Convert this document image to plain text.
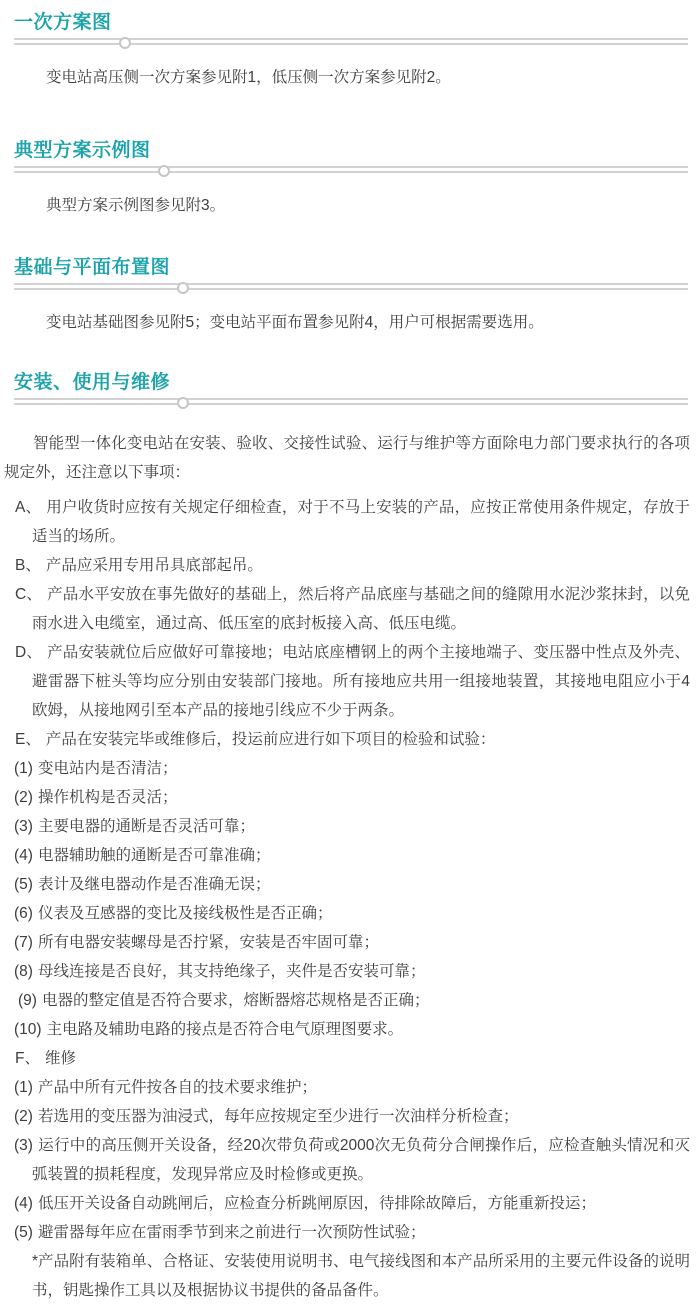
一次方案图

变电站高压侧一次方案参见附1，低压侧一次方案参见附2。

典型方案示例图

典型方案示例图参见附3。

基础与平面布置图

变电站基础图参见附5；变电站平面布置参见附4，用户可根据需要选用。

安装、使用与维修

智能型一体化变电站在安装、验收、交接性试验、运行与维护等方面除电力部门要求执行的各项规定外，还注意以下事项：

A、 用户收货时应按有关规定仔细检查，对于不马上安装的产品，应按正常使用条件规定，存放于适当的场所。

B、 产品应采用专用吊具底部起吊。

C、 产品水平安放在事先做好的基础上，然后将产品底座与基础之间的缝隙用水泥沙浆抹封，以免雨水进入电缆室，通过高、低压室的底封板接入高、低压电缆。

D、 产品安装就位后应做好可靠接地；电站底座槽钢上的两个主接地端子、变压器中性点及外壳、避雷器下桩头等均应分别由安装部门接地。所有接地应共用一组接地装置，其接地电阻应小于4欧姆，从接地网引至本产品的接地引线应不少于两条。

E、 产品在安装完毕或维修后，投运前应进行如下项目的检验和试验：

(1) 变电站内是否清洁；

(2) 操作机构是否灵活；

(3) 主要电器的通断是否灵活可靠；

(4) 电器辅助触的通断是否可靠准确；

(5) 表计及继电器动作是否准确无误；

(6) 仪表及互感器的变比及接线极性是否正确；

(7) 所有电器安装螺母是否拧紧，安装是否牢固可靠；

(8) 母线连接是否良好，其支持绝缘子，夹件是否安装可靠；

(9) 电器的整定值是否符合要求，熔断器熔芯规格是否正确；

(10) 主电路及辅助电路的接点是否符合电气原理图要求。

F、 维修

(1) 产品中所有元件按各自的技术要求维护；

(2) 若选用的变压器为油浸式，每年应按规定至少进行一次油样分析检查；

(3) 运行中的高压侧开关设备，经20次带负荷或2000次无负荷分合闸操作后，应检查触头情况和灭弧装置的损耗程度，发现异常应及时检修或更换。

(4) 低压开关设备自动跳闸后，应检查分析跳闸原因，待排除故障后，方能重新投运；

(5) 避雷器每年应在雷雨季节到来之前进行一次预防性试验；

*产品附有装箱单、合格证、安装使用说明书、电气接线图和本产品所采用的主要元件设备的说明书，钥匙操作工具以及根据协议书提供的备品备件。
